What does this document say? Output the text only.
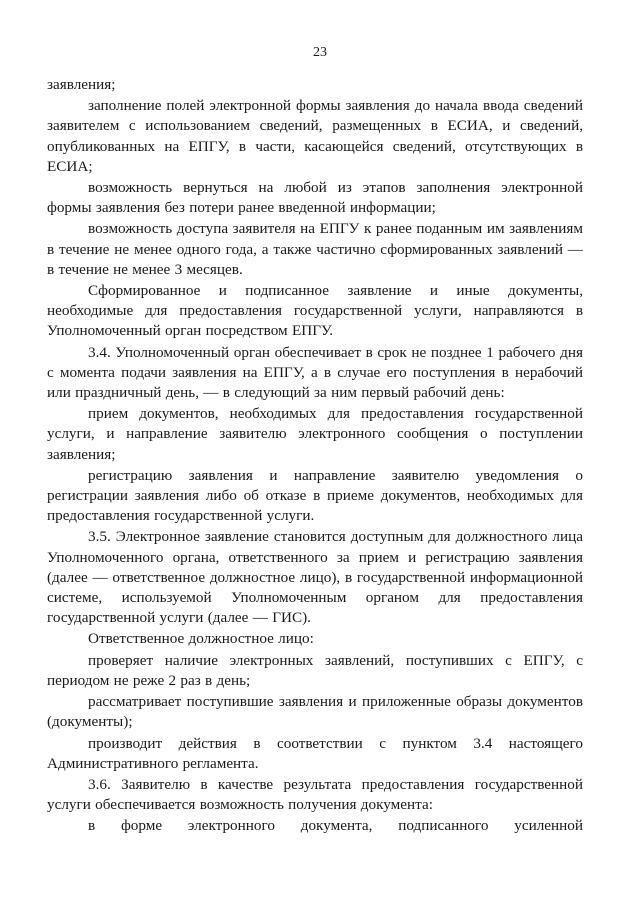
23

заявления;

заполнение полей электронной формы заявления до начала ввода сведений заявителем с использованием сведений, размещенных в ЕСИА, и сведений, опубликованных на ЕПГУ, в части, касающейся сведений, отсутствующих в ЕСИА;

возможность вернуться на любой из этапов заполнения электронной формы заявления без потери ранее введенной информации;

возможность доступа заявителя на ЕПГУ к ранее поданным им заявлениям в течение не менее одного года, а также частично сформированных заявлений — в течение не менее 3 месяцев.

Сформированное и подписанное заявление и иные документы, необходимые для предоставления государственной услуги, направляются в Уполномоченный орган посредством ЕПГУ.

3.4. Уполномоченный орган обеспечивает в срок не позднее 1 рабочего дня с момента подачи заявления на ЕПГУ, а в случае его поступления в нерабочий или праздничный день, — в следующий за ним первый рабочий день:

прием документов, необходимых для предоставления государственной услуги, и направление заявителю электронного сообщения о поступлении заявления;

регистрацию заявления и направление заявителю уведомления о регистрации заявления либо об отказе в приеме документов, необходимых для предоставления государственной услуги.

3.5. Электронное заявление становится доступным для должностного лица Уполномоченного органа, ответственного за прием и регистрацию заявления (далее — ответственное должностное лицо), в государственной информационной системе, используемой Уполномоченным органом для предоставления государственной услуги (далее — ГИС).

Ответственное должностное лицо:

проверяет наличие электронных заявлений, поступивших с ЕПГУ, с периодом не реже 2 раз в день;

рассматривает поступившие заявления и приложенные образы документов (документы);

производит действия в соответствии с пунктом 3.4 настоящего Административного регламента.

3.6. Заявителю в качестве результата предоставления государственной услуги обеспечивается возможность получения документа:

в форме электронного документа, подписанного усиленной
